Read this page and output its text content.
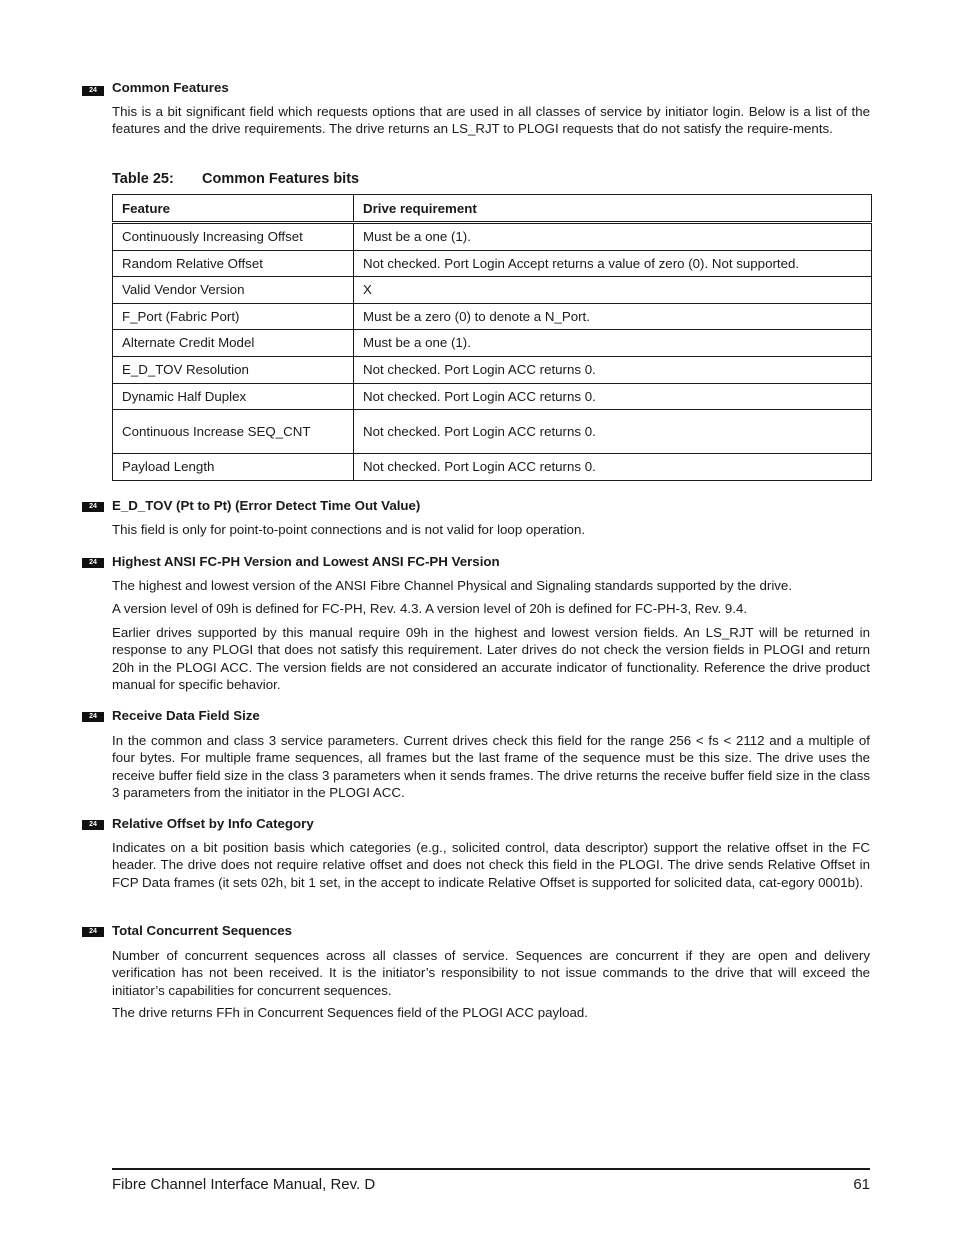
24	Common Features

This is a bit significant field which requests options that are used in all classes of service by initiator login. Below is a list of the features and the drive requirements. The drive returns an LS_RJT to PLOGI requests that do not satisfy the require-ments.

Table 25: Common Features bits
Feature	Drive requirement
Continuously Increasing Offset	Must be a one (1).
Random Relative Offset	Not checked. Port Login Accept returns a value of zero (0). Not supported.
Valid Vendor Version	X
F_Port (Fabric Port)	Must be a zero (0) to denote a N_Port.
Alternate Credit Model	Must be a one (1).
E_D_TOV Resolution	Not checked. Port Login ACC returns 0.
Dynamic Half Duplex	Not checked. Port Login ACC returns 0.
Continuous Increase SEQ_CNT	Not checked. Port Login ACC returns 0.
Payload Length	Not checked. Port Login ACC returns 0.
24	E_D_TOV (Pt to Pt) (Error Detect Time Out Value)

This field is only for point-to-point connections and is not valid for loop operation.

24	Highest ANSI FC-PH Version and Lowest ANSI FC-PH Version

The highest and lowest version of the ANSI Fibre Channel Physical and Signaling standards supported by the drive.

A version level of 09h is defined for FC-PH, Rev. 4.3. A version level of 20h is defined for FC-PH-3, Rev. 9.4.

Earlier drives supported by this manual require 09h in the highest and lowest version fields. An LS_RJT will be returned in response to any PLOGI that does not satisfy this requirement. Later drives do not check the version fields in PLOGI and return 20h in the PLOGI ACC. The version fields are not considered an accurate indicator of functionality. Reference the drive product manual for specific behavior.

24	Receive Data Field Size

In the common and class 3 service parameters. Current drives check this field for the range 256 < fs < 2112 and a multiple of four bytes. For multiple frame sequences, all frames but the last frame of the sequence must be this size. The drive uses the receive buffer field size in the class 3 parameters when it sends frames. The drive returns the receive buffer field size in the class 3 parameters from the initiator in the PLOGI ACC.

24	Relative Offset by Info Category

Indicates on a bit position basis which categories (e.g., solicited control, data descriptor) support the relative offset in the FC header. The drive does not require relative offset and does not check this field in the PLOGI. The drive sends Relative Offset in FCP Data frames (it sets 02h, bit 1 set, in the accept to indicate Relative Offset is supported for solicited data, cat-egory 0001b).

24	Total Concurrent Sequences

Number of concurrent sequences across all classes of service. Sequences are concurrent if they are open and delivery verification has not been received. It is the initiator’s responsibility to not issue commands to the drive that will exceed the initiator’s capabilities for concurrent sequences.

The drive returns FFh in Concurrent Sequences field of the PLOGI ACC payload.

Fibre Channel Interface Manual, Rev. D	61
